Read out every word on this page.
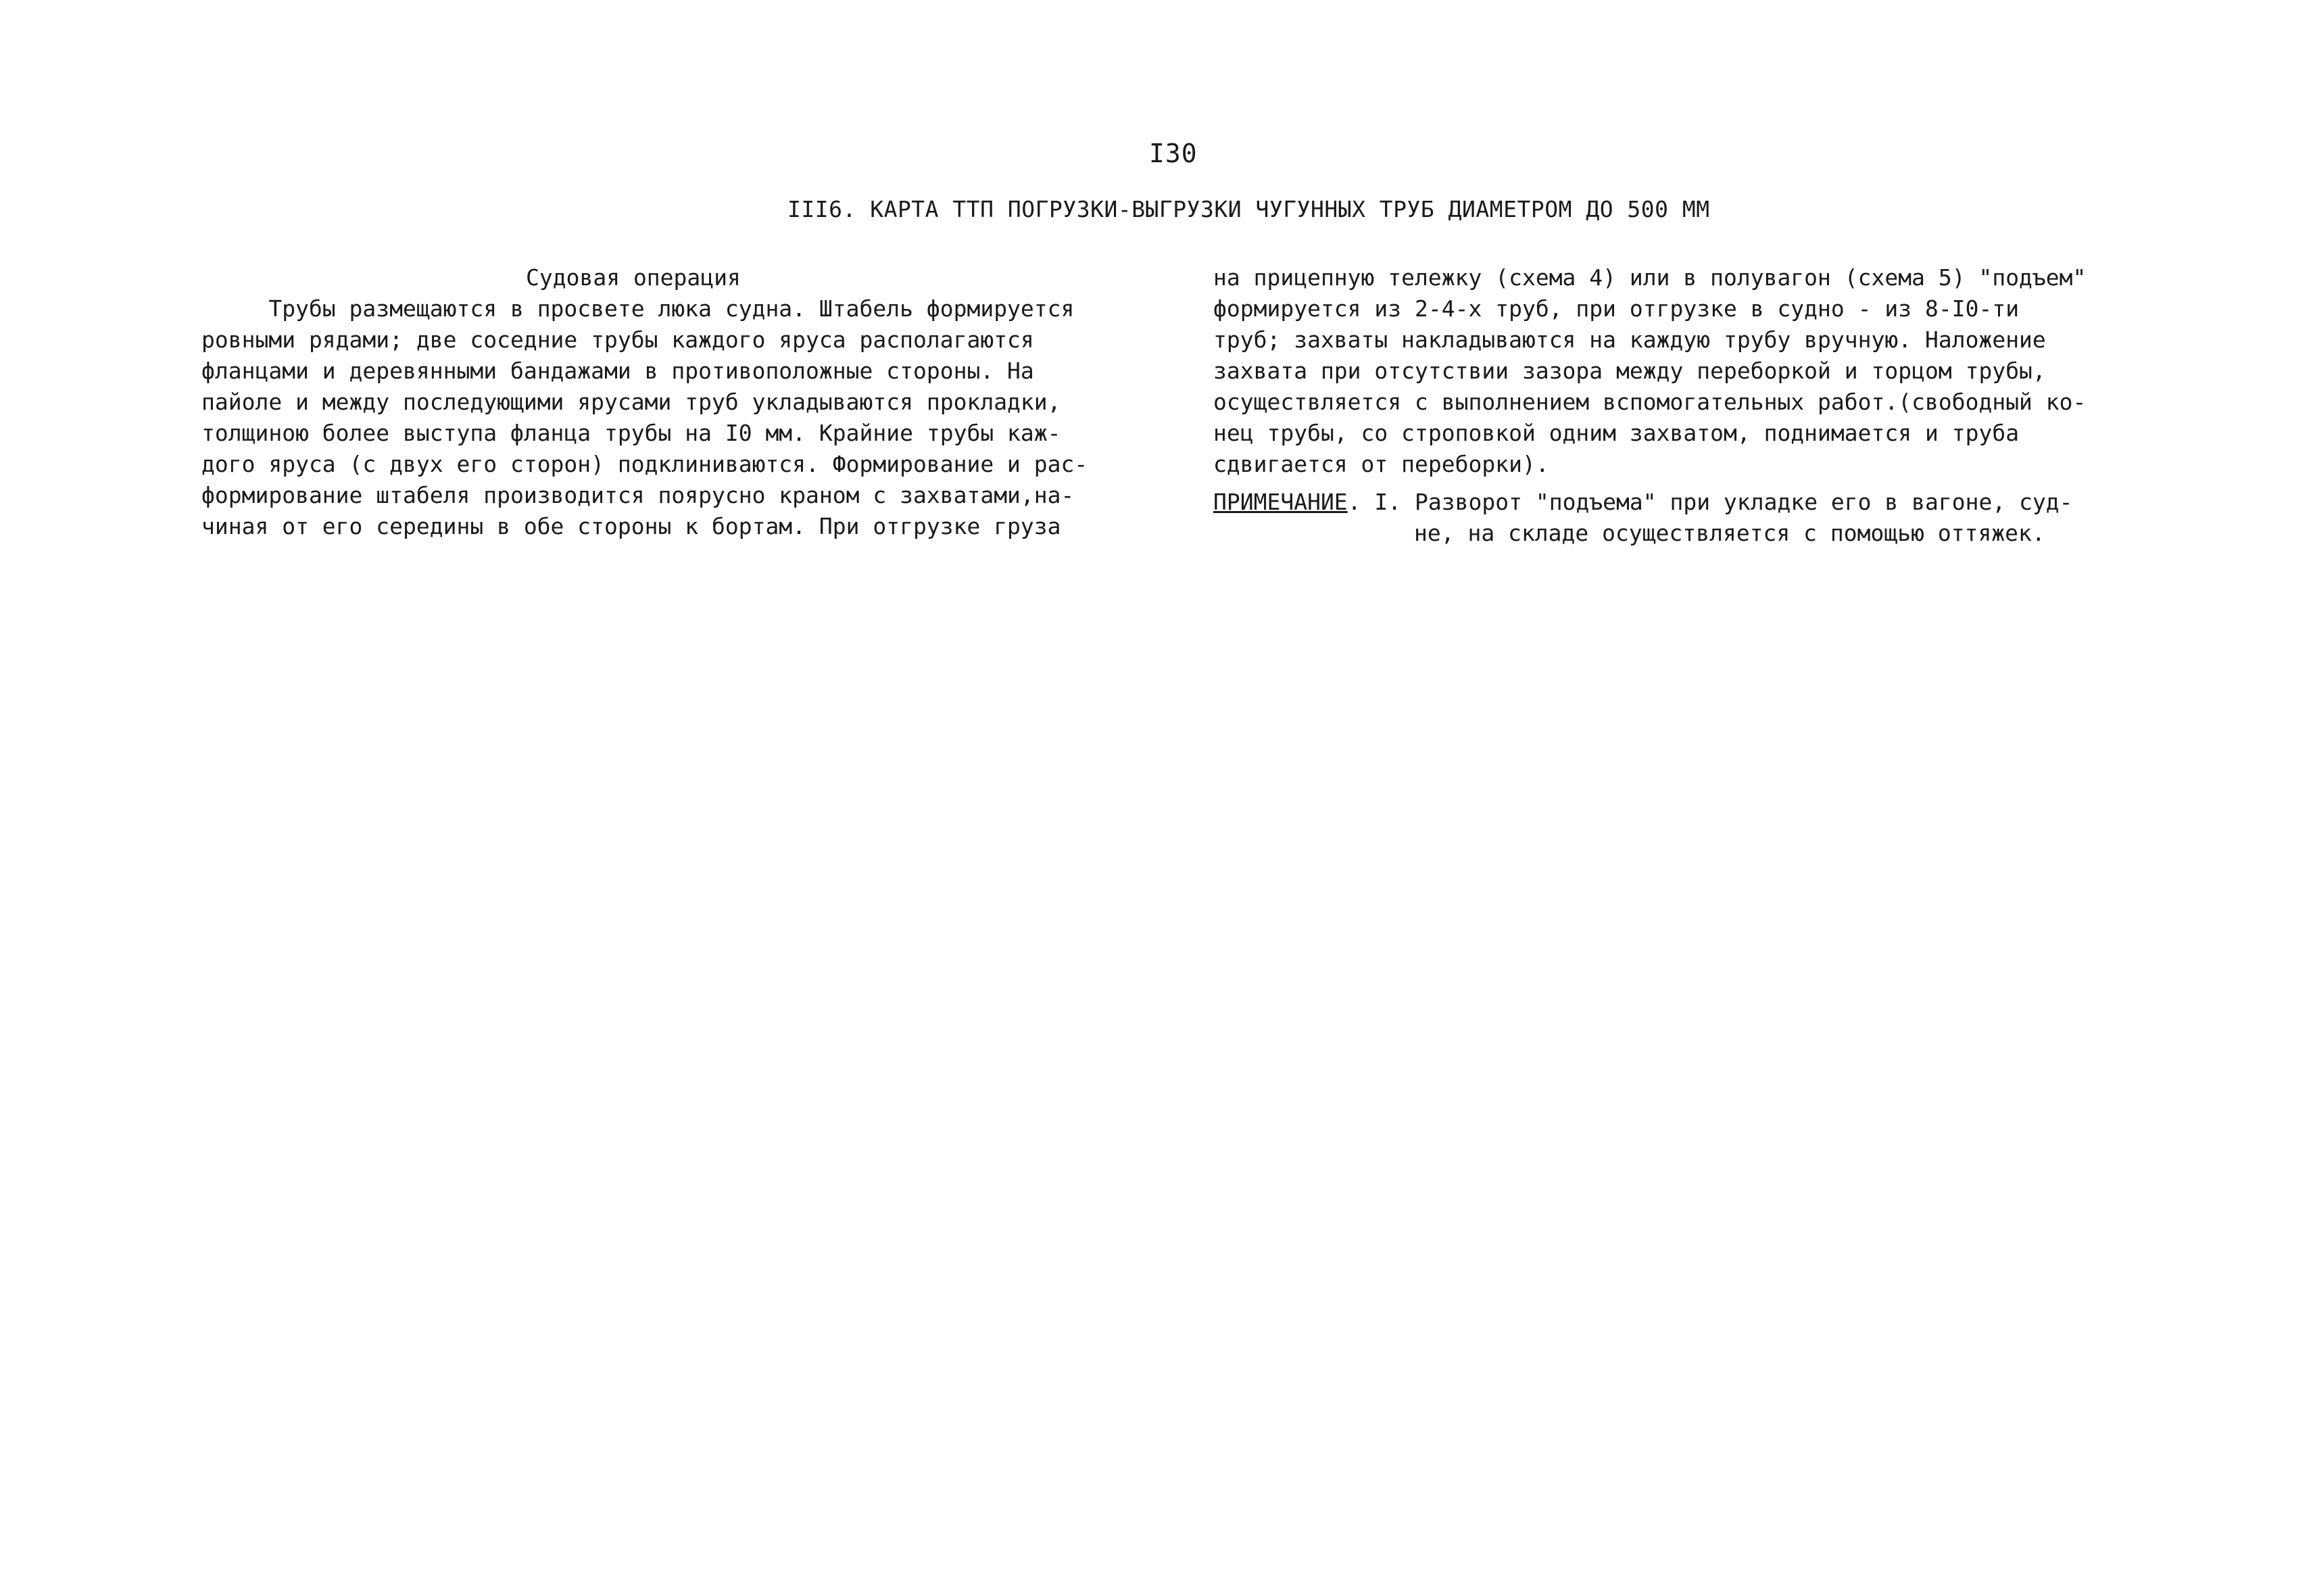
I30
III6. КАРТА ТТП ПОГРУЗКИ-ВЫГРУЗКИ ЧУГУННЫХ ТРУБ ДИАМЕТРОМ ДО 500 ММ
Судовая операция
Трубы размещаются в просвете люка судна. Штабель формируется
ровными рядами; две соседние трубы каждого яруса располагаются
фланцами и деревянными бандажами в противоположные стороны. На
пайоле и между последующими ярусами труб укладываются прокладки,
толщиною более выступа фланца трубы на I0 мм. Крайние трубы каж-
дого яруса (с двух его сторон) подклиниваются. Формирование и рас-
формирование штабеля производится поярусно краном с захватами,на-
чиная от его середины в обе стороны к бортам. При отгрузке груза
на прицепную тележку (схема 4) или в полувагон (схема 5) "подъем"
формируется из 2-4-х труб, при отгрузке в судно - из 8-I0-ти
труб; захваты накладываются на каждую трубу вручную. Наложение
захвата при отсутствии зазора между переборкой и торцом трубы,
осуществляется с выполнением вспомогательных работ.(свободный ко-
нец трубы, со строповкой одним захватом, поднимается и труба
сдвигается от переборки).
ПРИМЕЧАНИЕ. I. Разворот "подъема" при укладке его в вагоне, суд-
не, на складе осуществляется с помощью оттяжек.
